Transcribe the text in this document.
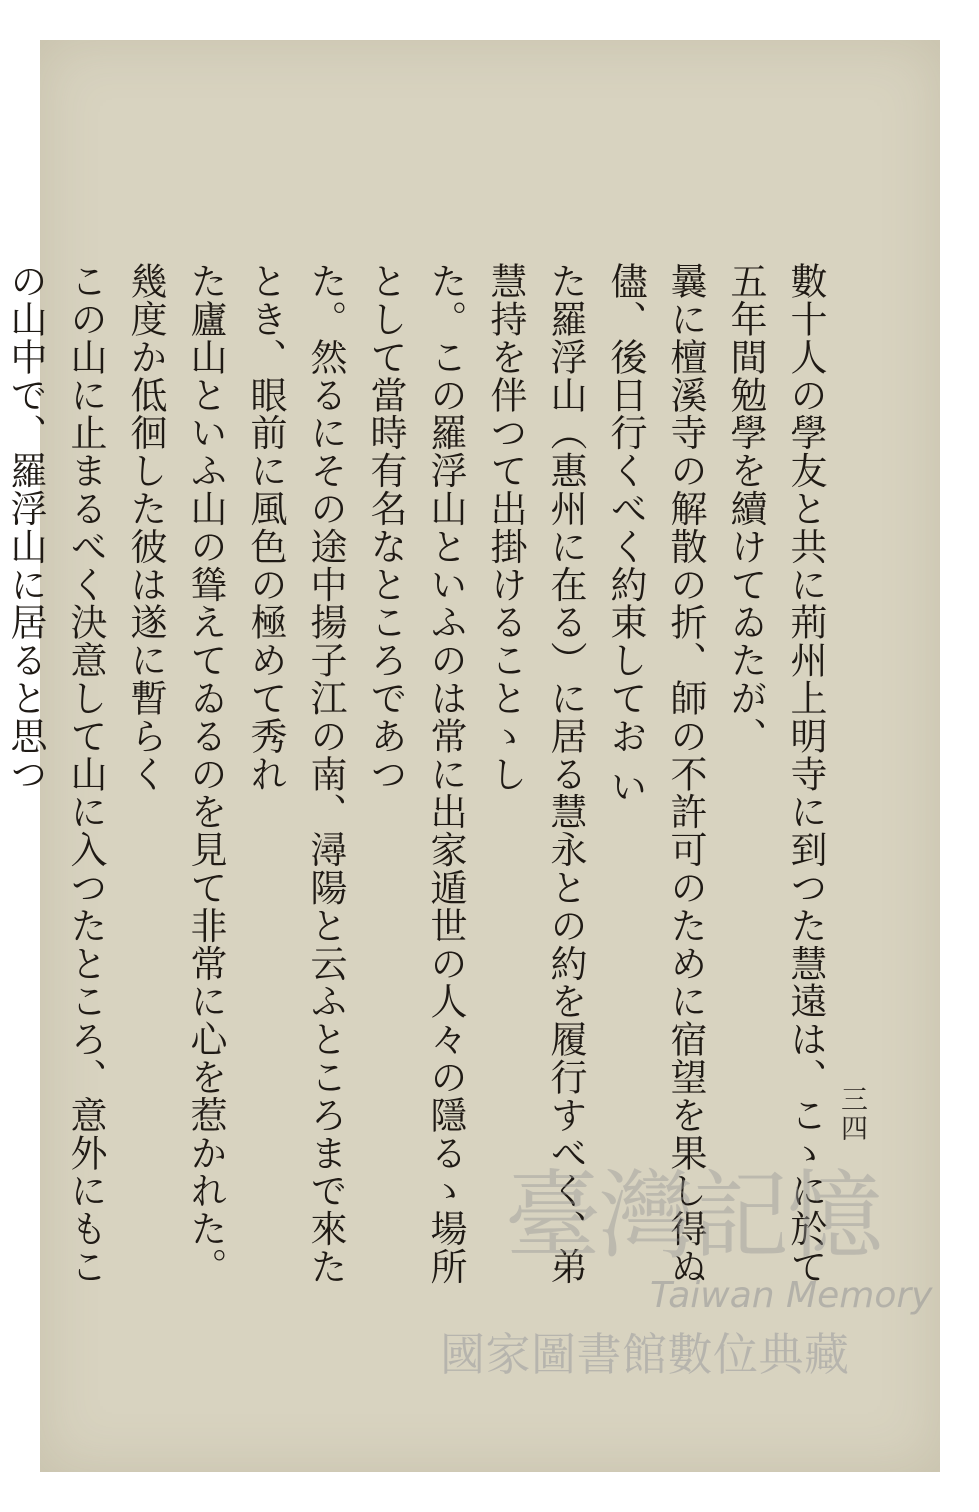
三四
數十人の學友と共に荊州上明寺に到つた慧遠は、こゝに於て五年間勉學を續けてゐたが、
曩に檀溪寺の解散の折、師の不許可のために宿望を果し得ぬ儘、後日行くべく約束してお い
た羅浮山（惠州に在る）に居る慧永との約を履行すべく、弟慧持を伴つて出掛けることゝし
た。この羅浮山といふのは常に出家遁世の人々の隱るゝ場所として當時有名なところであつ
た。然るにその途中揚子江の南、潯陽と云ふところまで來たとき、眼前に風色の極めて秀れ
た廬山といふ山の聳えてゐるのを見て非常に心を惹かれた。幾度か低徊した彼は遂に暫らく
この山に止まるべく決意して山に入つたところ、意外にもこの山中で、羅浮山に居ると思つ
臺灣記憶
Taiwan Memory
國家圖書館數位典藏
